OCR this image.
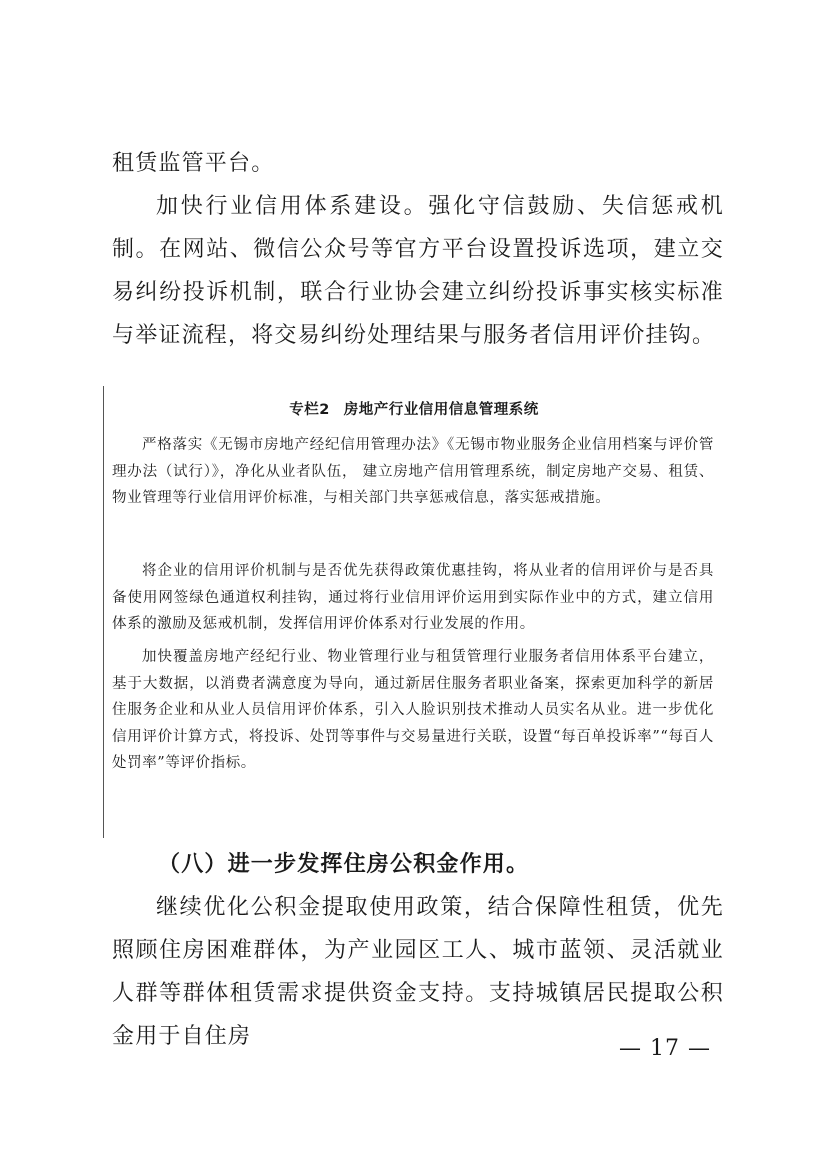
租赁监管平台。

加快行业信用体系建设。强化守信鼓励、失信惩戒机制。在网站、微信公众号等官方平台设置投诉选项，建立交易纠纷投诉机制，联合行业协会建立纠纷投诉事实核实标准与举证流程，将交易纠纷处理结果与服务者信用评价挂钩。

专栏2 房地产行业信用信息管理系统

严格落实《无锡市房地产经纪信用管理办法》《无锡市物业服务企业信用档案与评价管理办法（试行）》，净化从业者队伍， 建立房地产信用管理系统，制定房地产交易、租赁、物业管理等行业信用评价标准，与相关部门共享惩戒信息，落实惩戒措施。

将企业的信用评价机制与是否优先获得政策优惠挂钩，将从业者的信用评价与是否具备使用网签绿色通道权利挂钩，通过将行业信用评价运用到实际作业中的方式，建立信用体系的激励及惩戒机制，发挥信用评价体系对行业发展的作用。

加快覆盖房地产经纪行业、物业管理行业与租赁管理行业服务者信用体系平台建立，基于大数据，以消费者满意度为导向，通过新居住服务者职业备案，探索更加科学的新居住服务企业和从业人员信用评价体系，引入人脸识别技术推动人员实名从业。进一步优化信用评价计算方式，将投诉、处罚等事件与交易量进行关联，设置“每百单投诉率”“每百人处罚率”等评价指标。

（八）进一步发挥住房公积金作用。

继续优化公积金提取使用政策，结合保障性租赁，优先照顾住房困难群体，为产业园区工人、城市蓝领、灵活就业人群等群体租赁需求提供资金支持。支持城镇居民提取公积金用于自住房	— 17 —
